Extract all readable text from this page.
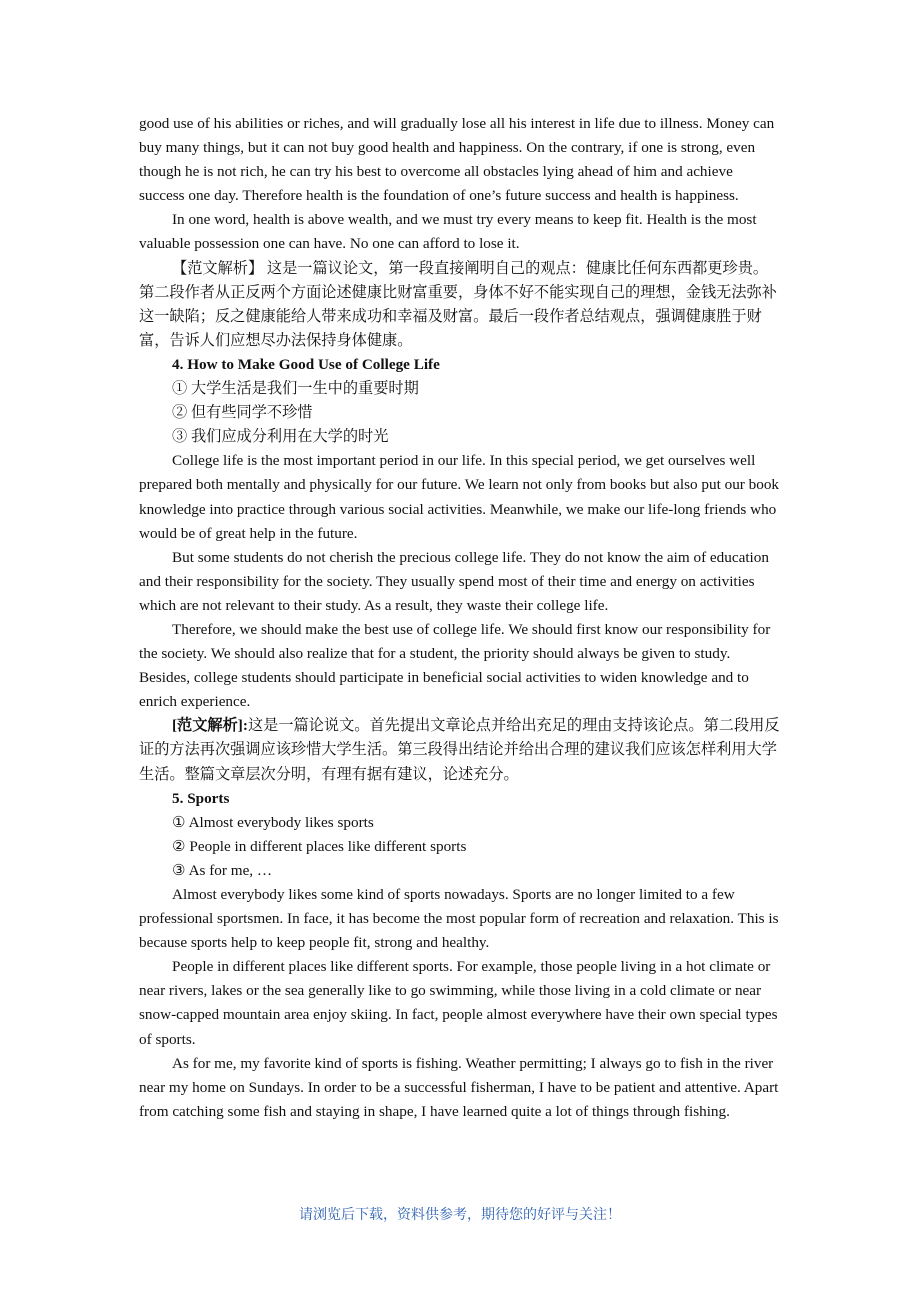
good use of his abilities or riches, and will gradually lose all his interest in life due to illness. Money can buy many things, but it can not buy good health and happiness. On the contrary, if one is strong, even though he is not rich, he can try his best to overcome all obstacles lying ahead of him and achieve success one day. Therefore health is the foundation of one’s future success and health is happiness.

In one word, health is above wealth, and we must try every means to keep fit. Health is the most valuable possession one can have. No one can afford to lose it.

【范文解析】 这是一篇议论文，第一段直接阐明自己的观点：健康比任何东西都更珍贵。第二段作者从正反两个方面论述健康比财富重要，身体不好不能实现自己的理想，金钱无法弥补这一缺陷；反之健康能给人带来成功和幸福及财富。最后一段作者总结观点，强调健康胜于财富，告诉人们应想尽办法保持身体健康。

4. How to Make Good Use of College Life

① 大学生活是我们一生中的重要时期

② 但有些同学不珍惜

③ 我们应成分利用在大学的时光

College life is the most important period in our life. In this special period, we get ourselves well prepared both mentally and physically for our future. We learn not only from books but also put our book knowledge into practice through various social activities. Meanwhile, we make our life-long friends who would be of great help in the future.

But some students do not cherish the precious college life. They do not know the aim of education and their responsibility for the society. They usually spend most of their time and energy on activities which are not relevant to their study. As a result, they waste their college life.

Therefore, we should make the best use of college life. We should first know our responsibility for the society. We should also realize that for a student, the priority should always be given to study. Besides, college students should participate in beneficial social activities to widen knowledge and to enrich experience.

[范文解析]:这是一篇论说文。首先提出文章论点并给出充足的理由支持该论点。第二段用反证的方法再次强调应该珍惜大学生活。第三段得出结论并给出合理的建议我们应该怎样利用大学生活。整篇文章层次分明，有理有据有建议，论述充分。

5. Sports

① Almost everybody likes sports

② People in different places like different sports

③ As for me, …

Almost everybody likes some kind of sports nowadays. Sports are no longer limited to a few professional sportsmen. In face, it has become the most popular form of recreation and relaxation. This is because sports help to keep people fit, strong and healthy.

People in different places like different sports. For example, those people living in a hot climate or near rivers, lakes or the sea generally like to go swimming, while those living in a cold climate or near snow-capped mountain area enjoy skiing. In fact, people almost everywhere have their own special types of sports.

As for me, my favorite kind of sports is fishing. Weather permitting; I always go to fish in the river near my home on Sundays. In order to be a successful fisherman, I have to be patient and attentive. Apart from catching some fish and staying in shape, I have learned quite a lot of things through fishing.

请浏览后下载，资料供参考，期待您的好评与关注！
